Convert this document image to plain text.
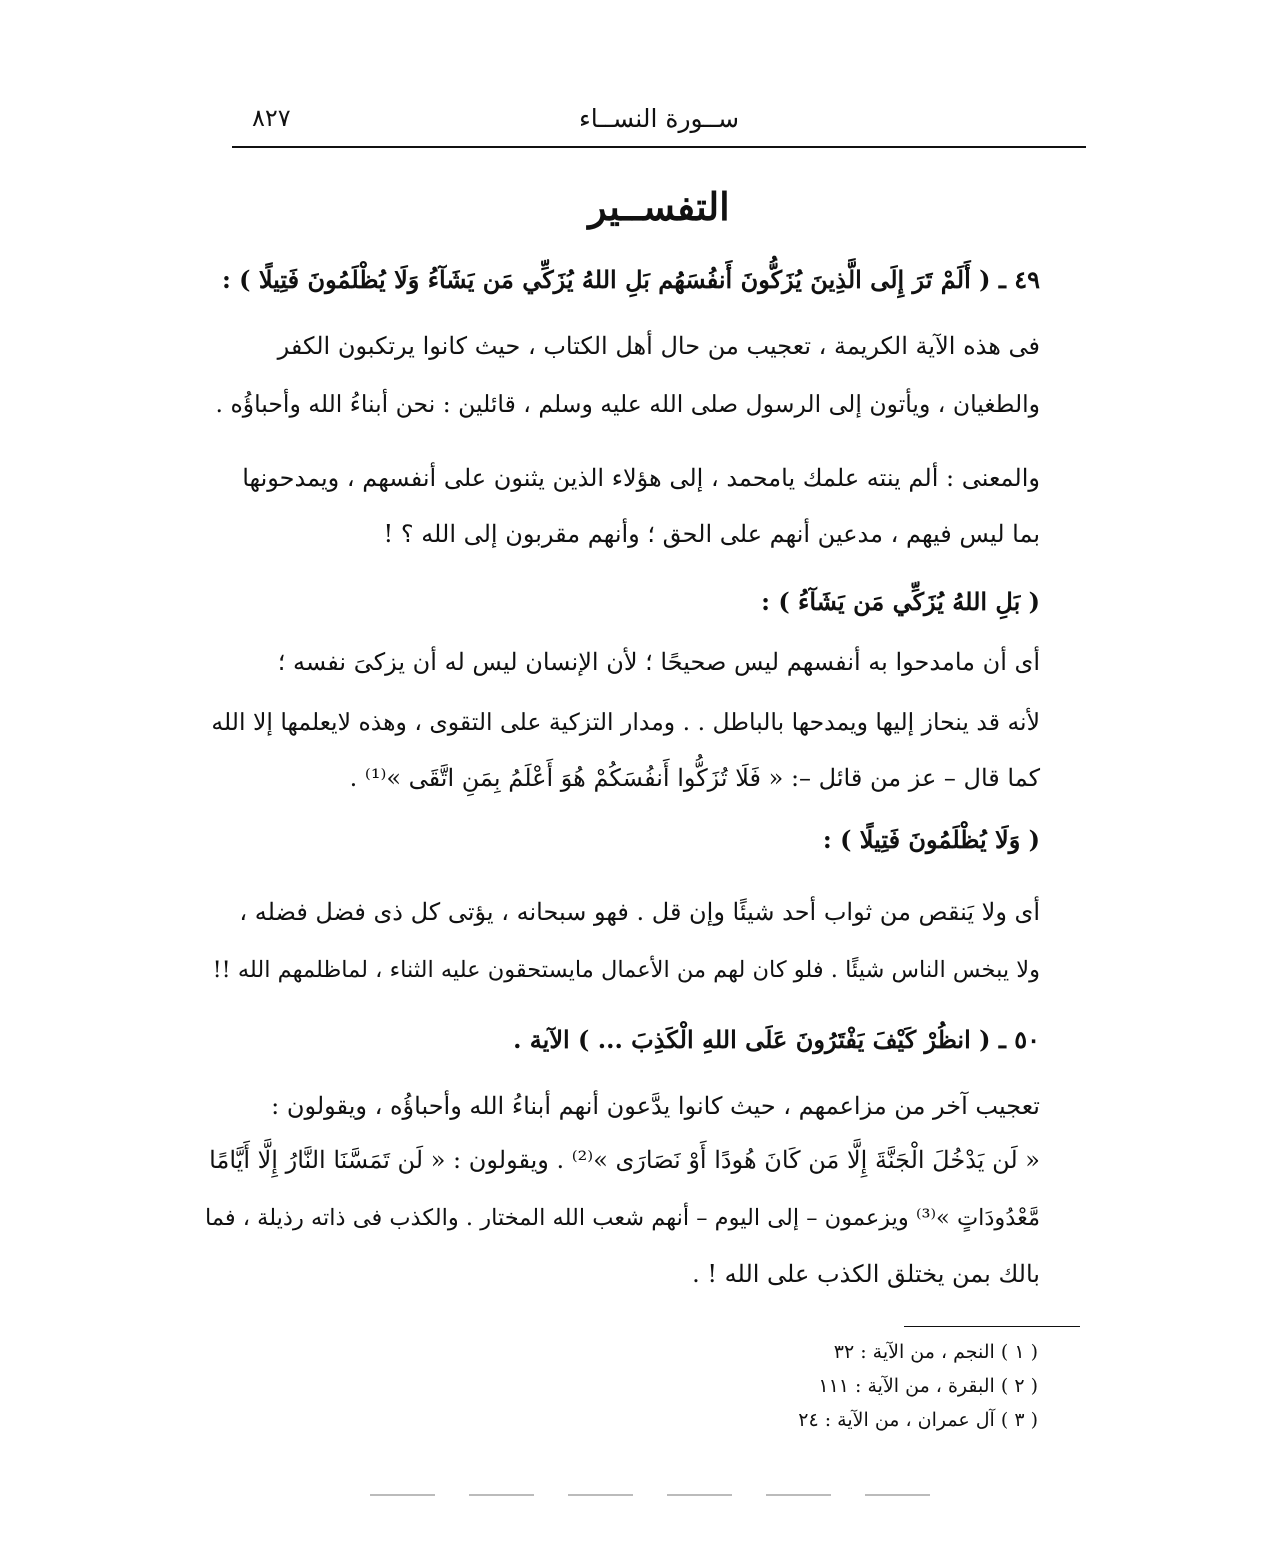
ســورة النســاء
٨٢٧
التفســير
٤٩ ـ ( أَلَمْ تَرَ إِلَى الَّذِينَ يُزَكُّونَ أَنفُسَهُم بَلِ اللهُ يُزَكِّي مَن يَشَآءُ وَلَا يُظْلَمُونَ فَتِيلًا ) :
فى هذه الآية الكريمة ، تعجيب من حال أهل الكتاب ، حيث كانوا يرتكبون الكفر
والطغيان ، ويأتون إلى الرسول صلى الله عليه وسلم ، قائلين : نحن أبناءُ الله وأحباؤُه .
والمعنى : ألم ينته علمك يامحمد ، إلى هؤلاء الذين يثنون على أنفسهم ، ويمدحونها
بما ليس فيهم ، مدعين أنهم على الحق ؛ وأنهم مقربون إلى الله ؟ !
( بَلِ اللهُ يُزَكِّي مَن يَشَآءُ ) :
أى أن مامدحوا به أنفسهم ليس صحيحًا ؛ لأن الإنسان ليس له أن يزكىَ نفسه ؛
لأنه قد ينحاز إليها ويمدحها بالباطل . . ومدار التزكية على التقوى ، وهذه لايعلمها إلا الله
كما قال – عز من قائل –: « فَلَا تُزَكُّوا أَنفُسَكُمْ هُوَ أَعْلَمُ بِمَنِ اتَّقَى »⁽¹⁾ .
( وَلَا يُظْلَمُونَ فَتِيلًا ) :
أى ولا يَنقص من ثواب أحد شيئًا وإن قل . فهو سبحانه ، يؤتى كل ذى فضل فضله ،
ولا يبخس الناس شيئًا . فلو كان لهم من الأعمال مايستحقون عليه الثناء ، لماظلمهم الله !!
٥٠ ـ ( انظُرْ كَيْفَ يَفْتَرُونَ عَلَى اللهِ الْكَذِبَ ... ) الآية .
تعجيب آخر من مزاعمهم ، حيث كانوا يدَّعون أنهم أبناءُ الله وأحباؤُه ، ويقولون :
« لَن يَدْخُلَ الْجَنَّةَ إِلَّا مَن كَانَ هُودًا أَوْ نَصَارَى »⁽²⁾ . ويقولون : « لَن تَمَسَّنَا النَّارُ إِلَّا أَيَّامًا
مَّعْدُودَاتٍ »⁽³⁾ ويزعمون – إلى اليوم – أنهم شعب الله المختار . والكذب فى ذاته رذيلة ، فما
بالك بمن يختلق الكذب على الله ! .
( ١ ) النجم ، من الآية : ٣٢
( ٢ ) البقرة ، من الآية : ١١١
( ٣ ) آل عمران ، من الآية : ٢٤
